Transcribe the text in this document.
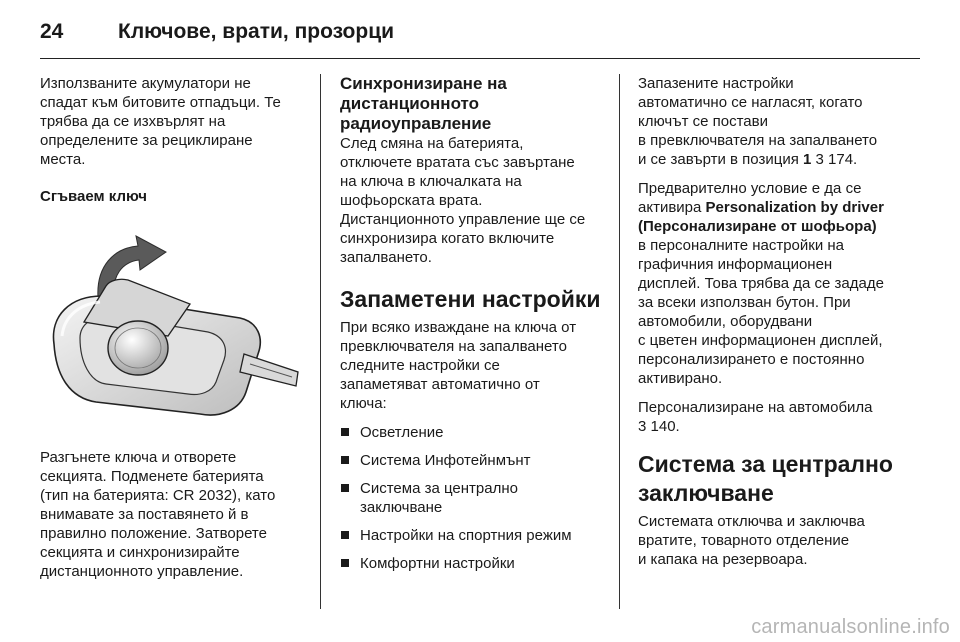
24	Ключове, врати, прозорци

Използваните акумулатори не
спадат към битовите отпадъци. Те
трябва да се изхвърлят на
определените за рециклиране
места.

Сгъваем ключ

Разгънете ключа и отворете
секцията. Подменете батерията
(тип на батерията: CR 2032), като
внимавате за поставянето й в
правилно положение. Затворете
секцията и синхронизирайте
дистанционното управление.

Синхронизиране на
дистанционното
радиоуправление

След смяна на батерията,
отключете вратата със завъртане
на ключа в ключалката на
шофьорската врата.
Дистанционното управление ще се
синхронизира когато включите
запалването.

Запаметени настройки

При всяко изваждане на ключа от
превключвателя на запалването
следните настройки се
запаметяват автоматично от
ключа:

Осветление
Система Инфотейнмънт
Система за централно
заключване
Настройки на спортния режим
Комфортни настройки

Запазените настройки
автоматично се нагласят, когато
ключът се постави
в превключвателя на запалването
и се завърти в позиция 1 3 174.

Предварително условие е да се
активира Personalization by driver
(Персонализиране от шофьора)
в персоналните настройки на
графичния информационен
дисплей. Това трябва да се зададе
за всеки използван бутон. При
автомобили, оборудвани
с цветен информационен дисплей,
персонализирането е постоянно
активирано.

Персонализиране на автомобила
3 140.

Система за централно
заключване

Системата отключва и заключва
вратите, товарното отделение
и капака на резервоара.

carmanualsonline.info
